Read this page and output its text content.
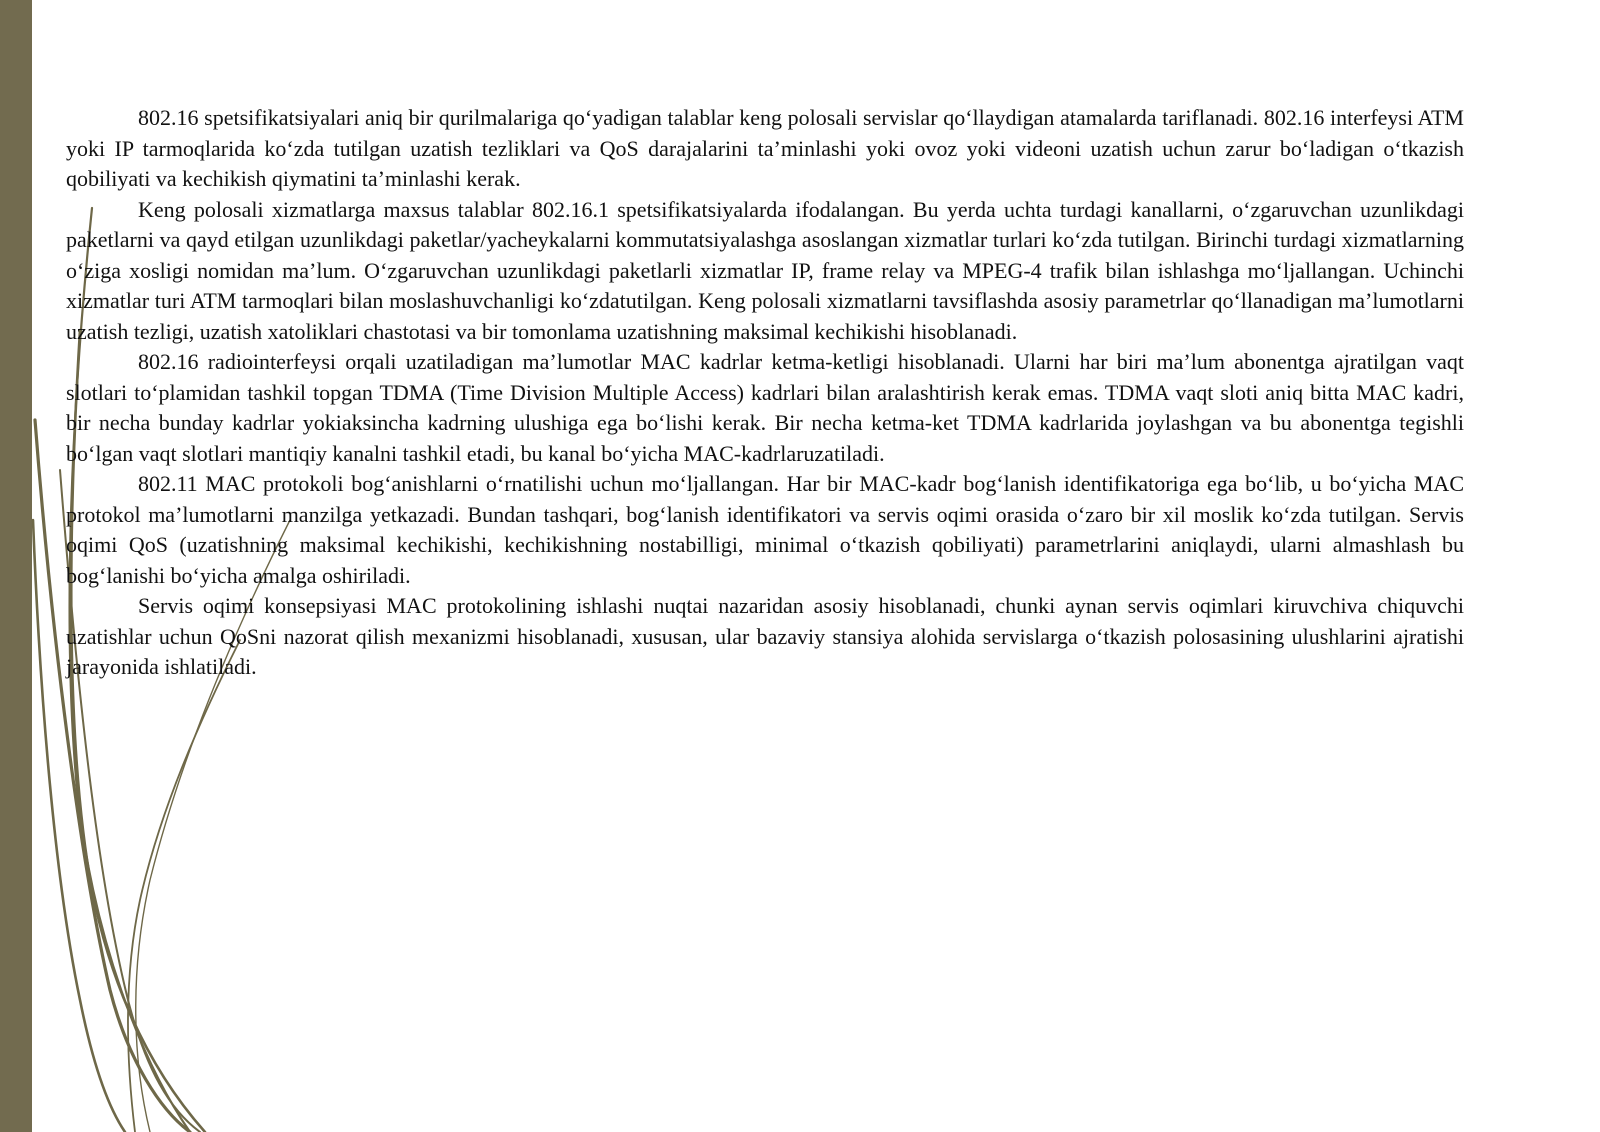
802.16 spetsifikatsiyalari aniq bir qurilmalariga qo‘yadigan talablar keng polosali servislar qo‘llaydigan atamalarda tariflanadi. 802.16 interfeysi ATM yoki IP tarmoqlarida ko‘zda tutilgan uzatish tezliklari va QoS darajalarini ta’minlashi yoki ovoz yoki videoni uzatish uchun zarur bo‘ladigan o‘tkazish qobiliyati va kechikish qiymatini ta’minlashi kerak.

Keng polosali xizmatlarga maxsus talablar 802.16.1 spetsifikatsiyalarda ifodalangan. Bu yerda uchta turdagi kanallarni, o‘zgaruvchan uzunlikdagi paketlarni va qayd etilgan uzunlikdagi paketlar/yacheykalarni kommutatsiyalashga asoslangan xizmatlar turlari ko‘zda tutilgan. Birinchi turdagi xizmatlarning o‘ziga xosligi nomidan ma’lum. O‘zgaruvchan uzunlikdagi paketlarli xizmatlar IP, frame relay va MPEG-4 trafik bilan ishlashga mo‘ljallangan. Uchinchi xizmatlar turi ATM tarmoqlari bilan moslashuvchanligi ko‘zdatutilgan. Keng polosali xizmatlarni tavsiflashda asosiy parametrlar qo‘llanadigan ma’lumotlarni uzatish tezligi, uzatish xatoliklari chastotasi va bir tomonlama uzatishning maksimal kechikishi hisoblanadi.

802.16 radiointerfeysi orqali uzatiladigan ma’lumotlar MAC kadrlar ketma-ketligi hisoblanadi. Ularni har biri ma’lum abonentga ajratilgan vaqt slotlari to‘plamidan tashkil topgan TDMA (Time Division Multiple Access) kadrlari bilan aralashtirish kerak emas. TDMA vaqt sloti aniq bitta MAC kadri, bir necha bunday kadrlar yokiaksincha kadrning ulushiga ega bo‘lishi kerak. Bir necha ketma-ket TDMA kadrlarida joylashgan va bu abonentga tegishli bo‘lgan vaqt slotlari mantiqiy kanalni tashkil etadi, bu kanal bo‘yicha MAC-kadrlaruzatiladi.

802.11 MAC protokoli bog‘anishlarni o‘rnatilishi uchun mo‘ljallangan. Har bir MAC-kadr bog‘lanish identifikatoriga ega bo‘lib, u bo‘yicha MAC protokol ma’lumotlarni manzilga yetkazadi. Bundan tashqari, bog‘lanish identifikatori va servis oqimi orasida o‘zaro bir xil moslik ko‘zda tutilgan. Servis oqimi QoS (uzatishning maksimal kechikishi, kechikishning nostabilligi, minimal o‘tkazish qobiliyati) parametrlarini aniqlaydi, ularni almashlash bu bog‘lanishi bo‘yicha amalga oshiriladi.

Servis oqimi konsepsiyasi MAC protokolining ishlashi nuqtai nazaridan asosiy hisoblanadi, chunki aynan servis oqimlari kiruvchiva chiquvchi uzatishlar uchun QoSni nazorat qilish mexanizmi hisoblanadi, xususan, ular bazaviy stansiya alohida servislarga o‘tkazish polosasining ulushlarini ajratishi jarayonida ishlatiladi.
